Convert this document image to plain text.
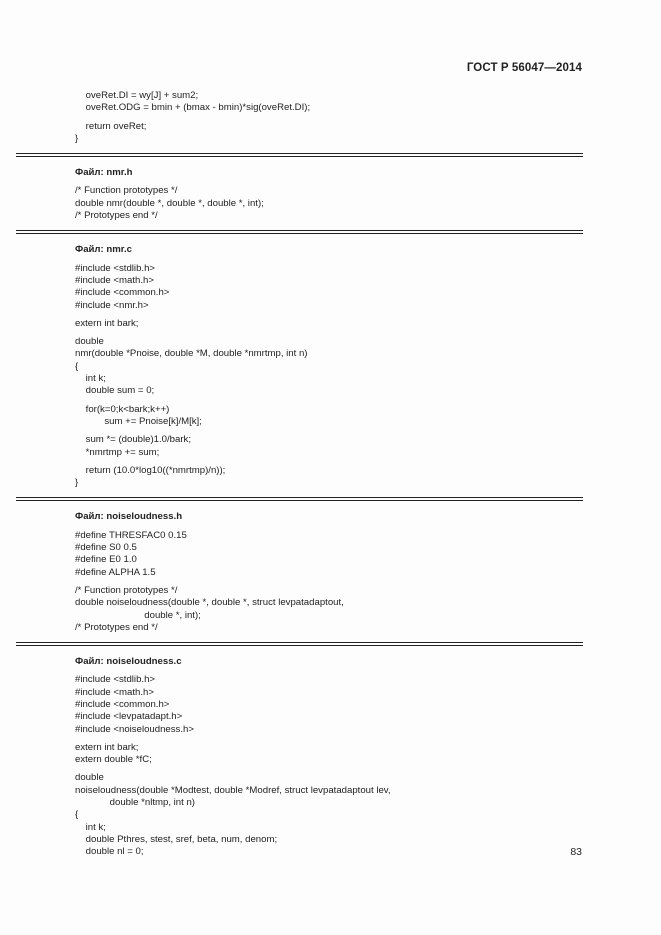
ГОСТ Р 56047—2014
oveRet.DI = wy[J] + sum2;
oveRet.ODG = bmin + (bmax - bmin)*sig(oveRet.DI);
return oveRet;
}
Файл: nmr.h
/* Function prototypes */
double nmr(double *, double *, double *, int);
/* Prototypes end */
Файл: nmr.c
#include <stdlib.h>
#include <math.h>
#include <common.h>
#include <nmr.h>
extern int bark;
double
nmr(double *Pnoise, double *M, double *nmrtmp, int n)
{
int k;
double sum = 0;
for(k=0;k<bark;k++)
sum += Pnoise[k]/M[k];
sum *= (double)1.0/bark;
*nmrtmp += sum;
return (10.0*log10((*nmrtmp)/n));
}
Файл: noiseloudness.h
#define THRESFAC0 0.15
#define S0 0.5
#define E0 1.0
#define ALPHA 1.5
/* Function prototypes */
double noiseloudness(double *, double *, struct levpatadaptout,
double *, int);
/* Prototypes end */
Файл: noiseloudness.c
#include <stdlib.h>
#include <math.h>
#include <common.h>
#include <levpatadapt.h>
#include <noiseloudness.h>
extern int bark;
extern double *fC;
double
noiseloudness(double *Modtest, double *Modref, struct levpatadaptout lev,
double *nltmp, int n)
{
int k;
double Pthres, stest, sref, beta, num, denom;
double nl = 0;	83
